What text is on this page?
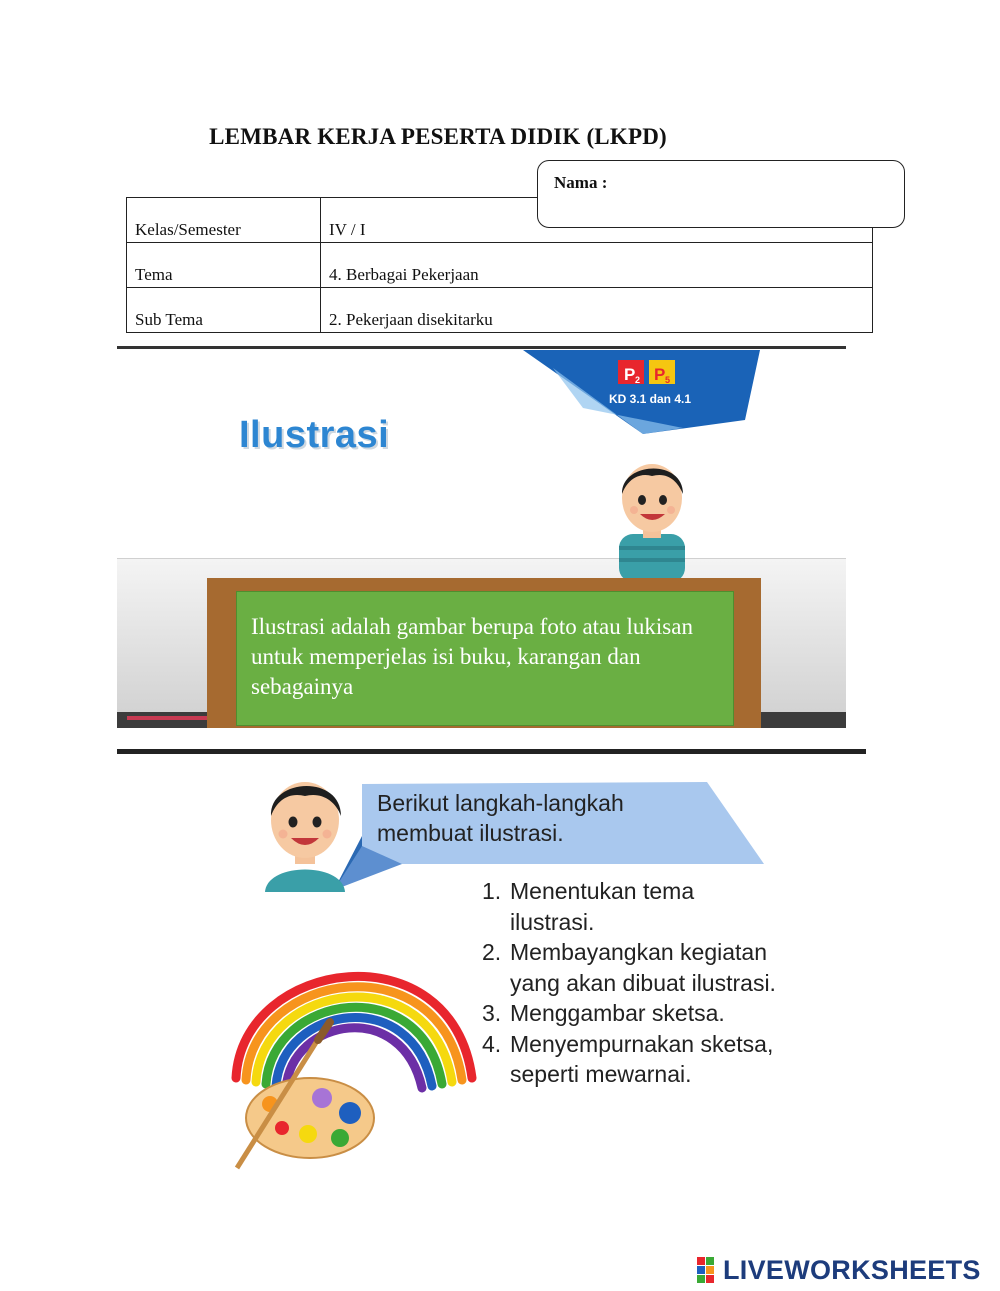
LEMBAR KERJA PESERTA DIDIK (LKPD)
Nama :
Kelas/Semester	IV / I
Tema	4. Berbagai Pekerjaan
Sub Tema	2. Pekerjaan disekitarku
P 2 P 5
KD 3.1 dan 4.1
Ilustrasi
Ilustrasi adalah gambar berupa foto atau lukisan untuk memperjelas isi buku, karangan dan sebagainya
Berikut langkah-langkah
membuat ilustrasi.
1. Menentukan tema ilustrasi.
2. Membayangkan kegiatan yang akan dibuat ilustrasi.
3. Menggambar sketsa.
4. Menyempurnakan sketsa, seperti mewarnai.
LIVEWORKSHEETS
